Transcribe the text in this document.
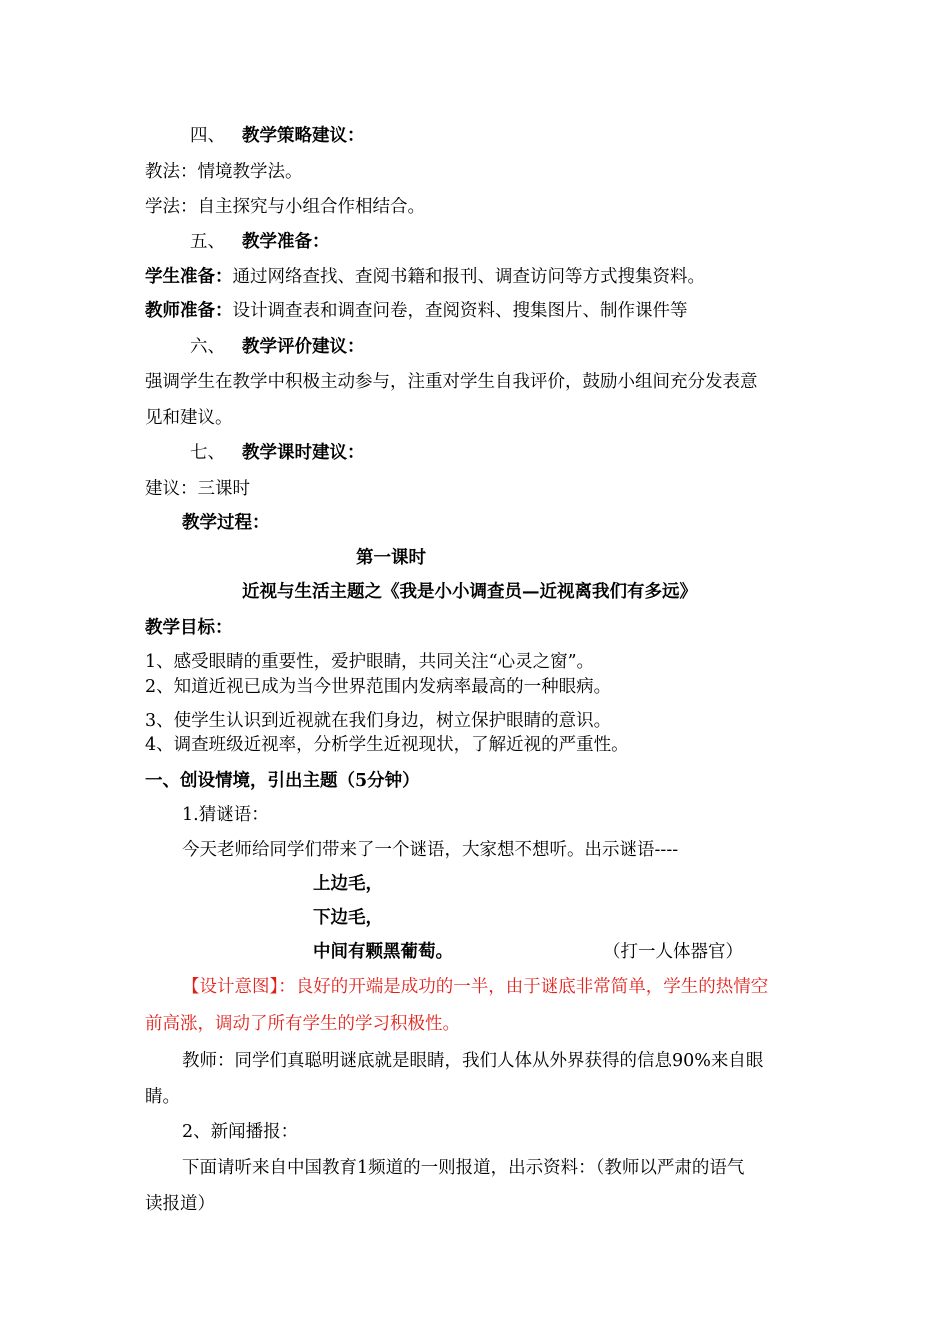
四、 教学策略建议：
教法：情境教学法。
学法：自主探究与小组合作相结合。
五、 教学准备：
学生准备：通过网络查找、查阅书籍和报刊、调查访问等方式搜集资料。
教师准备：设计调查表和调查问卷，查阅资料、搜集图片、制作课件等
六、 教学评价建议：
强调学生在教学中积极主动参与，注重对学生自我评价，鼓励小组间充分发表意
见和建议。
七、 教学课时建议：
建议：三课时
教学过程：
第一课时
近视与生活主题之《我是小小调查员—近视离我们有多远》
教学目标：
1、感受眼睛的重要性，爱护眼睛，共同关注“心灵之窗”。
2、知道近视已成为当今世界范围内发病率最高的一种眼病。
3、使学生认识到近视就在我们身边，树立保护眼睛的意识。
4、调查班级近视率，分析学生近视现状，了解近视的严重性。
一、创设情境，引出主题（5分钟）
1.猜谜语：
今天老师给同学们带来了一个谜语，大家想不想听。出示谜语----
上边毛，
下边毛，
中间有颗黑葡萄。	（打一人体器官）
【设计意图】：良好的开端是成功的一半，由于谜底非常简单，学生的热情空
前高涨，调动了所有学生的学习积极性。
教师：同学们真聪明谜底就是眼睛，我们人体从外界获得的信息90%来自眼
睛。
2、新闻播报：
下面请听来自中国教育1频道的一则报道，出示资料：（教师以严肃的语气
读报道）
